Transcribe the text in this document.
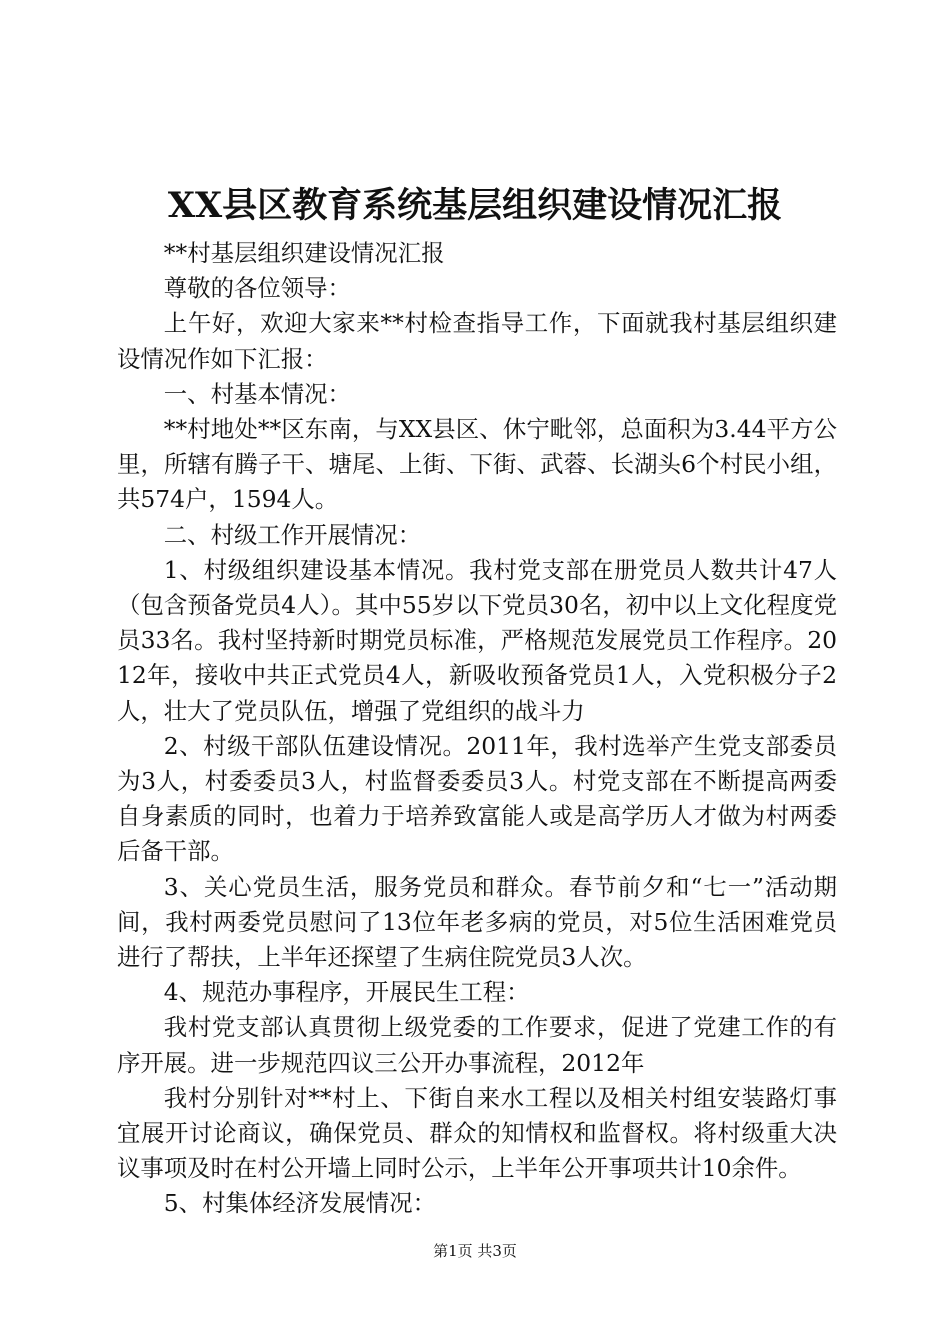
XX县区教育系统基层组织建设情况汇报

**村基层组织建设情况汇报

尊敬的各位领导：

上午好，欢迎大家来**村检查指导工作，下面就我村基层组织建设情况作如下汇报：

一、村基本情况：

**村地处**区东南，与XX县区、休宁毗邻，总面积为3.44平方公里，所辖有腾子干、塘尾、上街、下街、武蓉、长湖头6个村民小组，共574户，1594人。

二、村级工作开展情况：

1、村级组织建设基本情况。我村党支部在册党员人数共计47人（包含预备党员4人）。其中55岁以下党员30名，初中以上文化程度党员33名。我村坚持新时期党员标准，严格规范发展党员工作程序。2012年，接收中共正式党员4人，新吸收预备党员1人，入党积极分子2人，壮大了党员队伍，增强了党组织的战斗力

2、村级干部队伍建设情况。2011年，我村选举产生党支部委员为3人，村委委员3人，村监督委委员3人。村党支部在不断提高两委自身素质的同时，也着力于培养致富能人或是高学历人才做为村两委后备干部。

3、关心党员生活，服务党员和群众。春节前夕和“七一”活动期间，我村两委党员慰问了13位年老多病的党员，对5位生活困难党员进行了帮扶，上半年还探望了生病住院党员3人次。

4、规范办事程序，开展民生工程：

我村党支部认真贯彻上级党委的工作要求，促进了党建工作的有序开展。进一步规范四议三公开办事流程，2012年

我村分别针对**村上、下街自来水工程以及相关村组安装路灯事宜展开讨论商议，确保党员、群众的知情权和监督权。将村级重大决议事项及时在村公开墙上同时公示，上半年公开事项共计10余件。

5、村集体经济发展情况：

第1页 共3页
